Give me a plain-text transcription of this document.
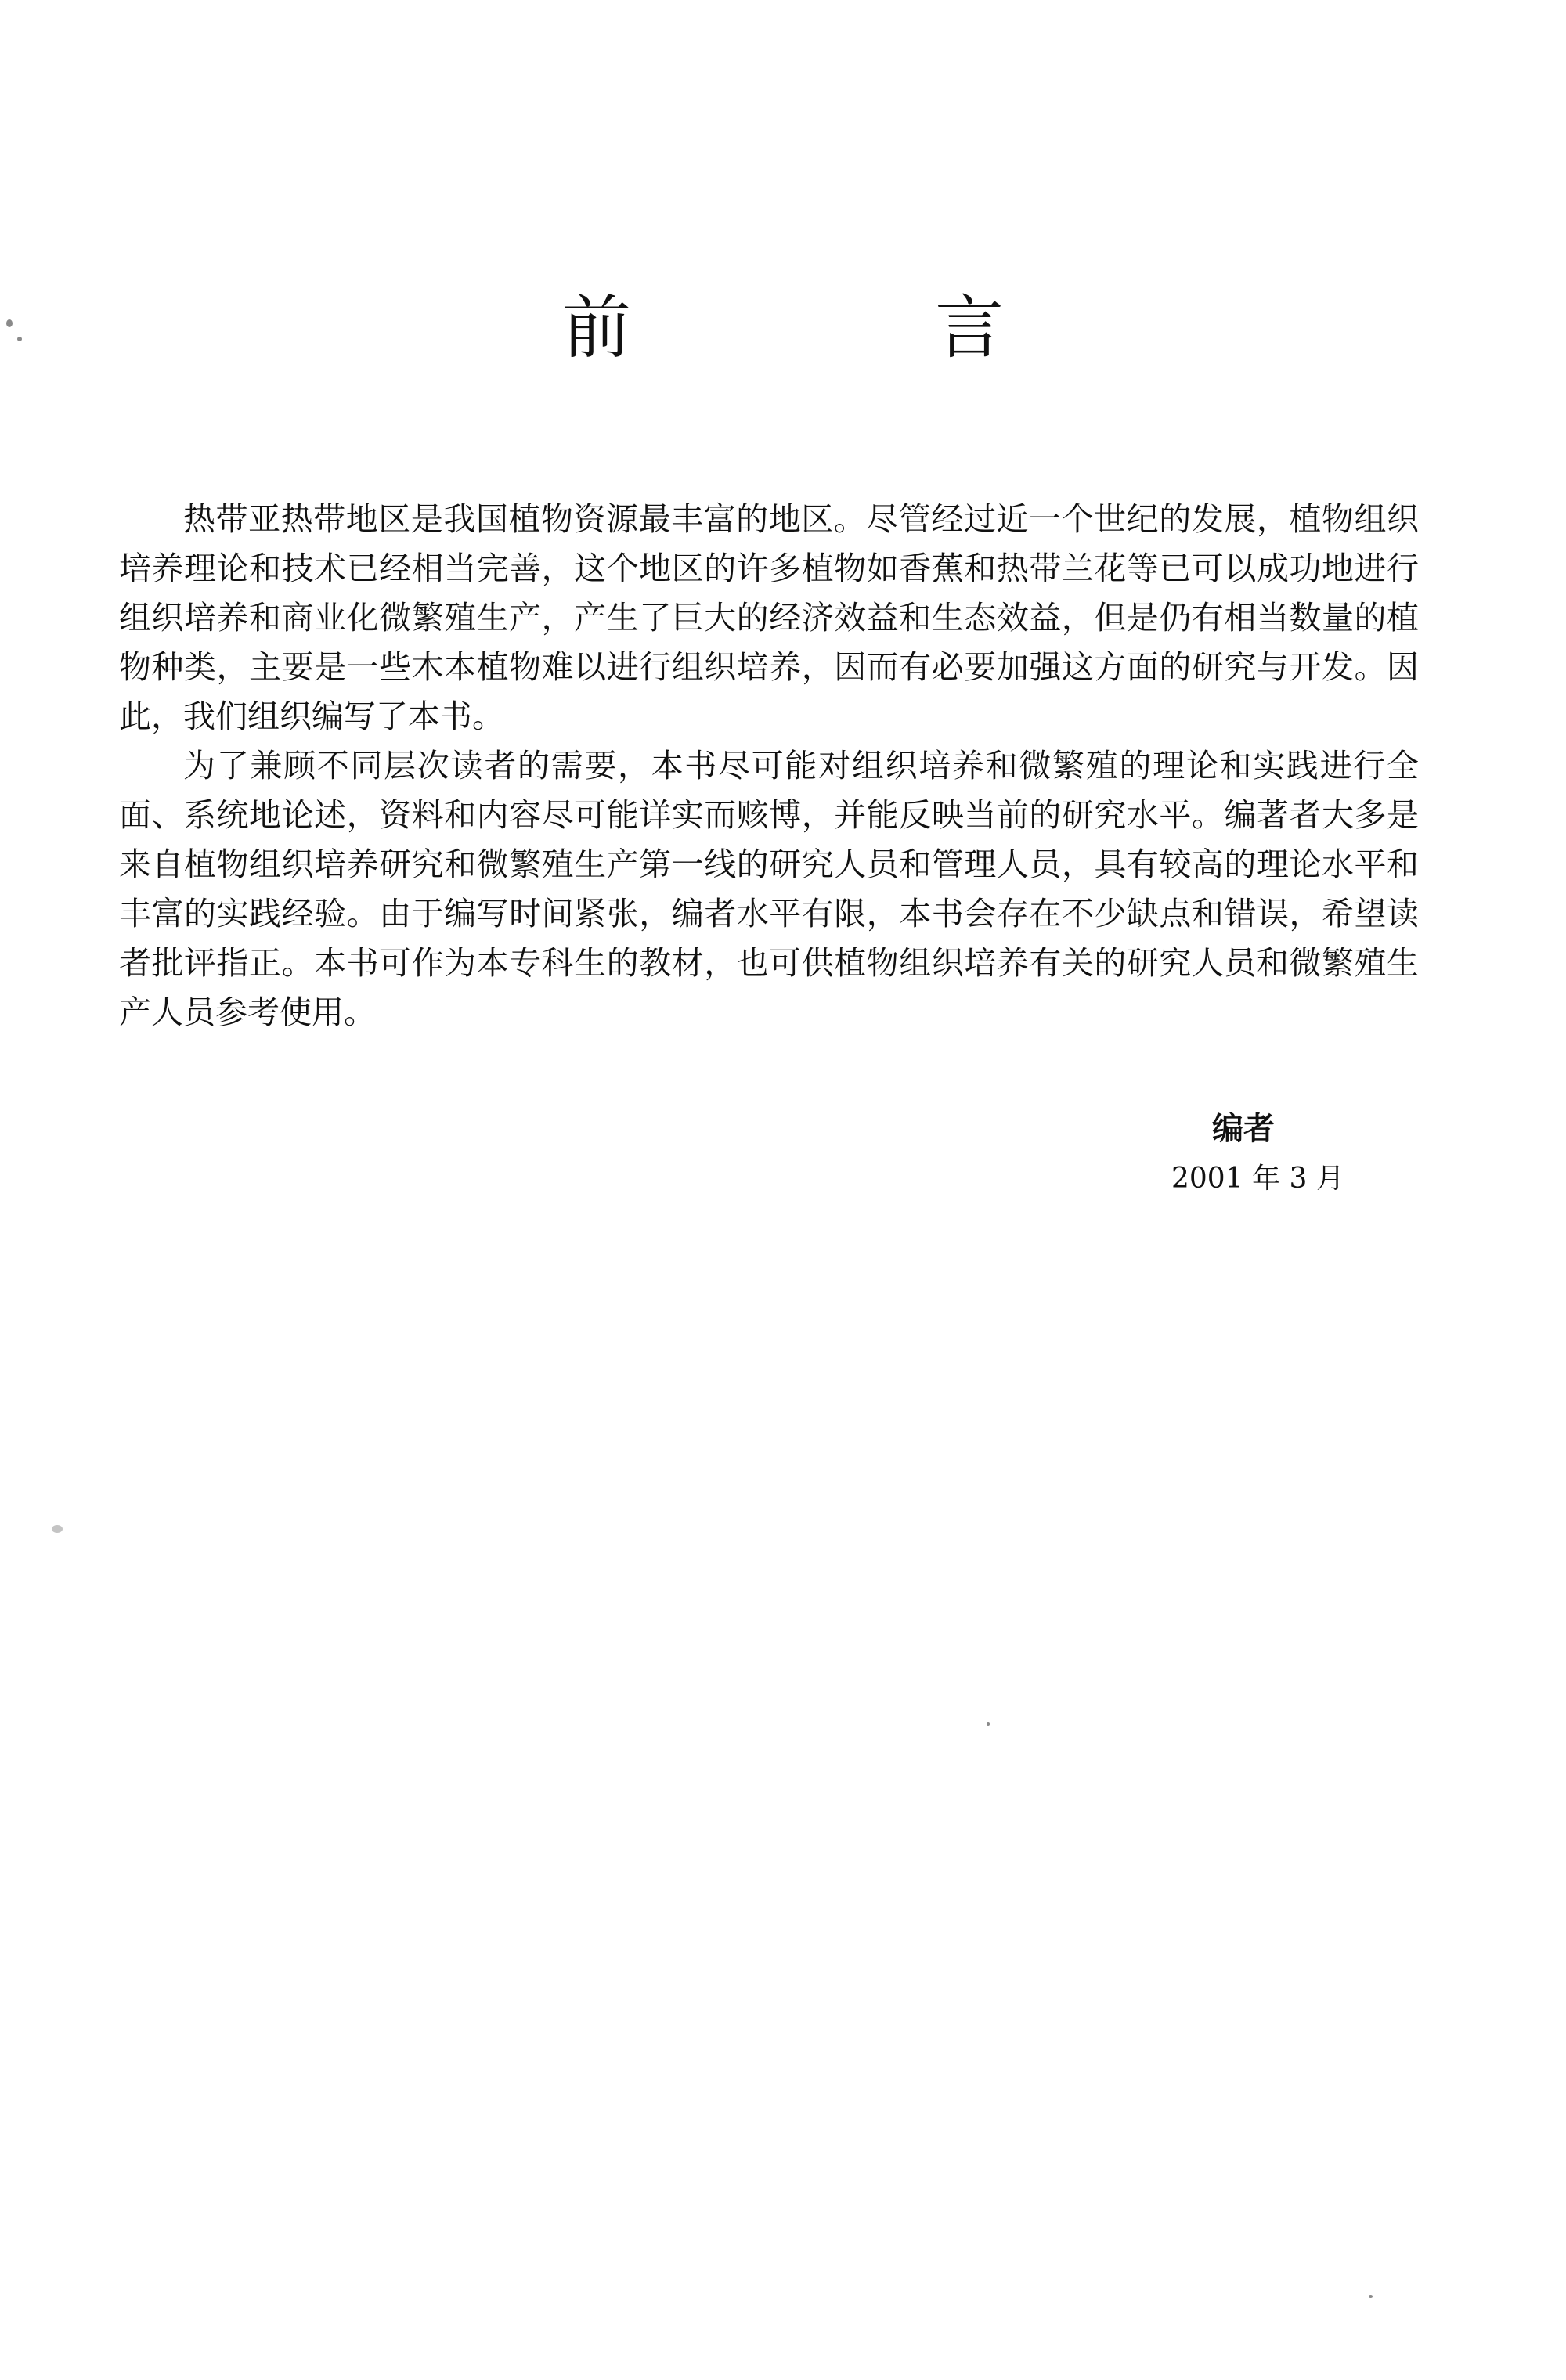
前　言

热带亚热带地区是我国植物资源最丰富的地区。尽管经过近一个世纪的发展，植物组织培养理论和技术已经相当完善，这个地区的许多植物如香蕉和热带兰花等已可以成功地进行组织培养和商业化微繁殖生产，产生了巨大的经济效益和生态效益，但是仍有相当数量的植物种类，主要是一些木本植物难以进行组织培养，因而有必要加强这方面的研究与开发。因此，我们组织编写了本书。

为了兼顾不同层次读者的需要，本书尽可能对组织培养和微繁殖的理论和实践进行全面、系统地论述，资料和内容尽可能详实而赅博，并能反映当前的研究水平。编著者大多是来自植物组织培养研究和微繁殖生产第一线的研究人员和管理人员，具有较高的理论水平和丰富的实践经验。由于编写时间紧张，编者水平有限，本书会存在不少缺点和错误，希望读者批评指正。本书可作为本专科生的教材，也可供植物组织培养有关的研究人员和微繁殖生产人员参考使用。

编者
2001 年 3 月
